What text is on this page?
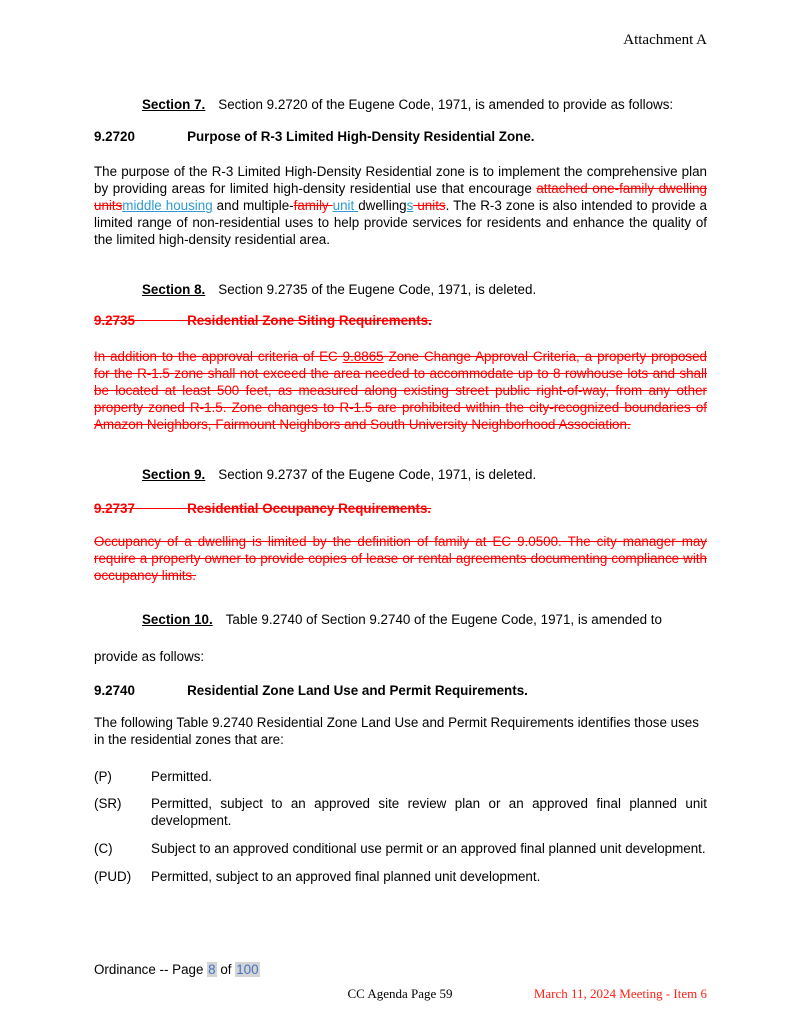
Attachment A

Section 7. Section 9.2720 of the Eugene Code, 1971, is amended to provide as follows:

9.2720	Purpose of R-3 Limited High-Density Residential Zone.

The purpose of the R-3 Limited High-Density Residential zone is to implement the comprehensive plan by providing areas for limited high-density residential use that encourage attached one-family dwelling unitsmiddle housing and multiple-family unit dwellings units. The R-3 zone is also intended to provide a limited range of non-residential uses to help provide services for residents and enhance the quality of the limited high-density residential area.

Section 8. Section 9.2735 of the Eugene Code, 1971, is deleted.

9.2735	Residential Zone Siting Requirements.

In addition to the approval criteria of EC 9.8865 Zone Change Approval Criteria, a property proposed for the R-1.5 zone shall not exceed the area needed to accommodate up to 8 rowhouse lots and shall be located at least 500 feet, as measured along existing street public right-of-way, from any other property zoned R-1.5. Zone changes to R-1.5 are prohibited within the city-recognized boundaries of Amazon Neighbors, Fairmount Neighbors and South University Neighborhood Association.

Section 9. Section 9.2737 of the Eugene Code, 1971, is deleted.

9.2737	Residential Occupancy Requirements.

Occupancy of a dwelling is limited by the definition of family at EC 9.0500. The city manager may require a property owner to provide copies of lease or rental agreements documenting compliance with occupancy limits.

Section 10. Table 9.2740 of Section 9.2740 of the Eugene Code, 1971, is amended to

provide as follows:

9.2740	Residential Zone Land Use and Permit Requirements.

The following Table 9.2740 Residential Zone Land Use and Permit Requirements identifies those uses in the residential zones that are:

(P)	Permitted.
(SR)	Permitted, subject to an approved site review plan or an approved final planned unit development.
(C)	Subject to an approved conditional use permit or an approved final planned unit development.
(PUD)	Permitted, subject to an approved final planned unit development.
Ordinance -- Page 8 of 100
CC Agenda Page 59	March 11, 2024 Meeting - Item 6
